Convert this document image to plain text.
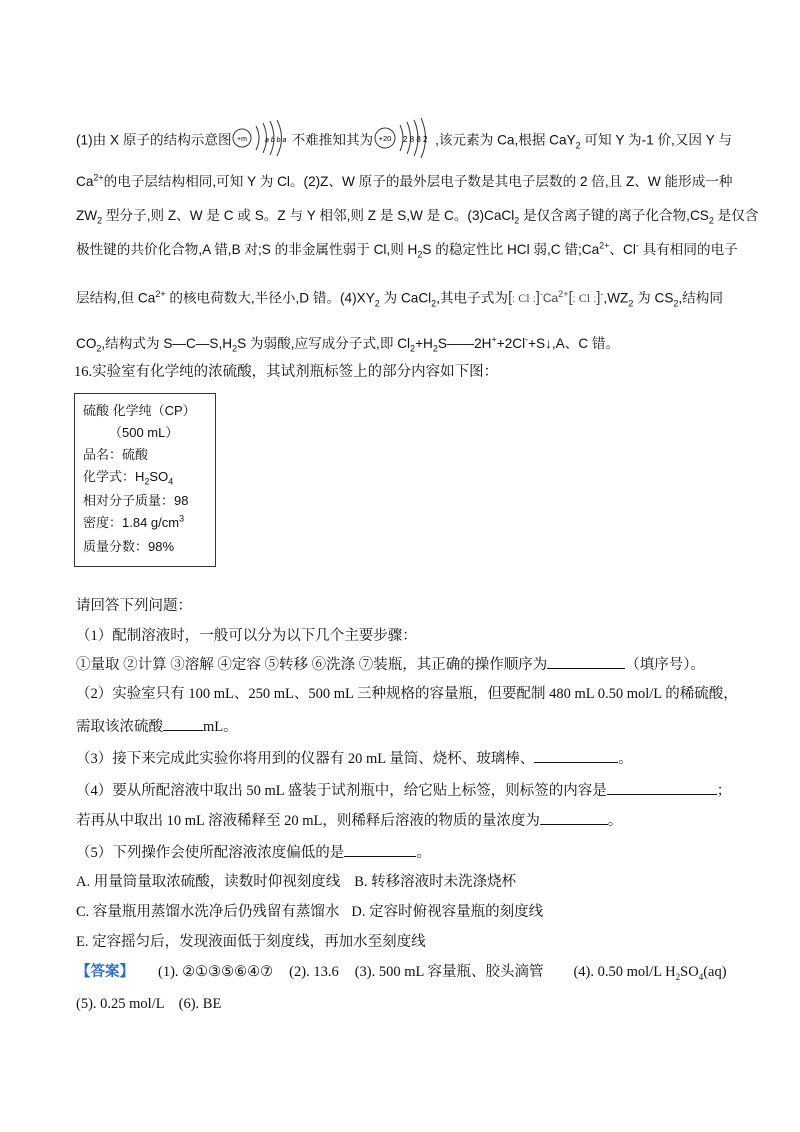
(1)由 X 原子的结构示意图 +m	a b b a 不难推知其为 +20 2 8 8 2 ,该元素为 Ca,根据 CaY$_2$ 可知 Y 为-1 价,又因 Y 与
$Ca^{2+}$的电子层结构相同,可知 Y 为 Cl。(2)Z、W 原子的最外层电子数是其电子层数的 2 倍,且 Z、W 能形成一种
$ZW_2$ 型分子,则 Z、W 是 C 或 S。Z 与 Y 相邻,则 Z 是 S,W 是 C。(3)CaCl$_2$ 是仅含离子键的离子化合物$,CS_2$ 是仅含
极性键的共价化合物,A 错,B 对;S 的非金属性弱于 Cl,则 $H_2S$ 的稳定性比 HCl 弱,C 错$;Ca^{2+}$、Cl- 具有相同的电子
层结构,但 $Ca^{2+}$ 的核电荷数大,半径小,D 错。$(4)XY_2$ 为 CaCl$_2$,其电子式为[: Cl $:]^-Ca^{2+}$[: Cl $:]^-,WZ_2$ 为 $CS_2$,结构同
$CO_2$,结构式为 $S—C—S,H_2S$ 为弱酸,应写成分子式,即 $Cl_2+H_2S——2H^++2Cl^-+S↓,A$、C 错。
16.实验室有化学纯的浓硫酸，其试剂瓶标签上的部分内容如下图：
硫酸 化学纯（CP）
（500 mL）
品名：硫酸
化学式：$H_2SO_4$
相对分子质量：98
密度：1.84 $g/cm^3$
质量分数：98%
请回答下列问题：
（1）配制溶液时，一般可以分为以下几个主要步骤：
①量取 ②计算 ③溶解 ④定容 ⑤转移 ⑥洗涤 ⑦装瓶，其正确的操作顺序为	（填序号）。
（2）实验室只有 100 mL、250 mL、500 mL 三种规格的容量瓶，但要配制 480 mL 0.50 mol/L 的稀硫酸，
需取该浓硫酸	mL。
（3）接下来完成此实验你将用到的仪器有 20 mL 量筒、烧杯、玻璃棒、	。
（4）要从所配溶液中取出 50 mL 盛装于试剂瓶中，给它贴上标签，则标签的内容是	；
若再从中取出 10 mL 溶液稀释至 20 mL，则稀释后溶液的物质的量浓度为	。
（5）下列操作会使所配溶液浓度偏低的是	。
A. 用量筒量取浓硫酸，读数时仰视刻度线 B. 转移溶液时未洗涤烧杯
C. 容量瓶用蒸馏水洗净后仍残留有蒸馏水 D. 定容时俯视容量瓶的刻度线
E. 定容摇匀后，发现液面低于刻度线，再加水至刻度线
【答案】 (1). ②①③⑤⑥④⑦ (2). 13.6 (3). 500 mL 容量瓶、胶头滴管 (4). 0.50 mol/L $H_2SO_4(aq)$
(5). 0.25 mol/L (6). BE
